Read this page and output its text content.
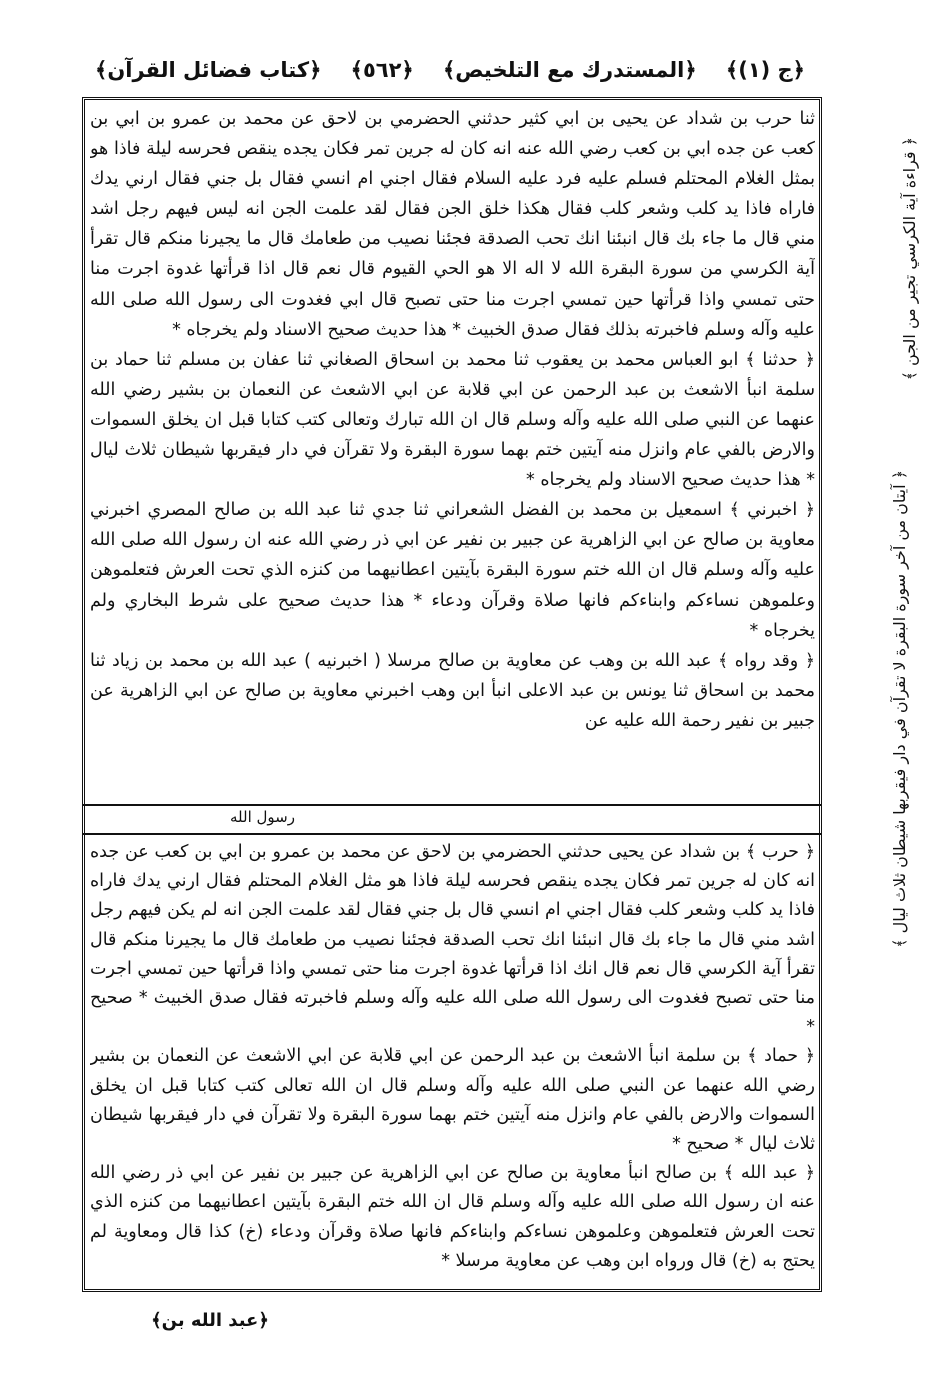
﴿ج (١)﴾
﴿المستدرك مع التلخيص﴾
﴿٥٦٢﴾
﴿كتاب فضائل القرآن﴾

ثنا حرب بن شداد عن يحيى بن ابي كثير حدثني الحضرمي بن لاحق عن محمد بن عمرو بن ابي بن كعب عن جده ابي بن كعب رضي الله عنه انه كان له جرين تمر فكان يجده ينقص فحرسه ليلة فاذا هو بمثل الغلام المحتلم فسلم عليه فرد عليه السلام فقال اجني ام انسي فقال بل جني فقال ارني يدك فاراه فاذا يد كلب وشعر كلب فقال هكذا خلق الجن فقال لقد علمت الجن انه ليس فيهم رجل اشد مني قال ما جاء بك قال انبئنا انك تحب الصدقة فجئنا نصيب من طعامك قال ما يجيرنا منكم قال تقرأ آية الكرسي من سورة البقرة الله لا اله الا هو الحي القيوم قال نعم قال اذا قرأتها غدوة اجرت منا حتى تمسي واذا قرأتها حين تمسي اجرت منا حتى تصبح قال ابي فغدوت الى رسول الله صلى الله عليه وآله وسلم فاخبرته بذلك فقال صدق الخبيث * هذا حديث صحيح الاسناد ولم يخرجاه *

﴿ حدثنا ﴾ ابو العباس محمد بن يعقوب ثنا محمد بن اسحاق الصغاني ثنا عفان بن مسلم ثنا حماد بن سلمة انبأ الاشعث بن عبد الرحمن عن ابي قلابة عن ابي الاشعث عن النعمان بن بشير رضي الله عنهما عن النبي صلى الله عليه وآله وسلم قال ان الله تبارك وتعالى كتب كتابا قبل ان يخلق السموات والارض بالفي عام وانزل منه آيتين ختم بهما سورة البقرة ولا تقرآن في دار فيقربها شيطان ثلاث ليال * هذا حديث صحيح الاسناد ولم يخرجاه *

﴿ اخبرني ﴾ اسمعيل بن محمد بن الفضل الشعراني ثنا جدي ثنا عبد الله بن صالح المصري اخبرني معاوية بن صالح عن ابي الزاهرية عن جبير بن نفير عن ابي ذر رضي الله عنه ان رسول الله صلى الله عليه وآله وسلم قال ان الله ختم سورة البقرة بآيتين اعطانيهما من كنزه الذي تحت العرش فتعلموهن وعلموهن نساءكم وابناءكم فانها صلاة وقرآن ودعاء * هذا حديث صحيح على شرط البخاري ولم يخرجاه *

﴿ وقد رواه ﴾ عبد الله بن وهب عن معاوية بن صالح مرسلا ( اخبرنيه ) عبد الله بن محمد بن زياد ثنا محمد بن اسحاق ثنا يونس بن عبد الاعلى انبأ ابن وهب اخبرني معاوية بن صالح عن ابي الزاهرية عن جبير بن نفير رحمة الله عليه عن

رسول الله

﴿ حرب ﴾ بن شداد عن يحيى حدثني الحضرمي بن لاحق عن محمد بن عمرو بن ابي بن كعب عن جده انه كان له جرين تمر فكان يجده ينقص فحرسه ليلة فاذا هو مثل الغلام المحتلم فقال ارني يدك فاراه فاذا يد كلب وشعر كلب فقال اجني ام انسي قال بل جني فقال لقد علمت الجن انه لم يكن فيهم رجل اشد مني قال ما جاء بك قال انبئنا انك تحب الصدقة فجئنا نصيب من طعامك قال ما يجيرنا منكم قال تقرأ آية الكرسي قال نعم قال انك اذا قرأتها غدوة اجرت منا حتى تمسي واذا قرأتها حين تمسي اجرت منا حتى تصبح فغدوت الى رسول الله صلى الله عليه وآله وسلم فاخبرته فقال صدق الخبيث * صحيح *

﴿ حماد ﴾ بن سلمة انبأ الاشعث بن عبد الرحمن عن ابي قلابة عن ابي الاشعث عن النعمان بن بشير رضي الله عنهما عن النبي صلى الله عليه وآله وسلم قال ان الله تعالى كتب كتابا قبل ان يخلق السموات والارض بالفي عام وانزل منه آيتين ختم بهما سورة البقرة ولا تقرآن في دار فيقربها شيطان ثلاث ليال * صحيح *

﴿ عبد الله ﴾ بن صالح انبأ معاوية بن صالح عن ابي الزاهرية عن جبير بن نفير عن ابي ذر رضي الله عنه ان رسول الله صلى الله عليه وآله وسلم قال ان الله ختم البقرة بآيتين اعطانيهما من كنزه الذي تحت العرش فتعلموهن وعلموهن نساءكم وابناءكم فانها صلاة وقرآن ودعاء (خ) كذا قال ومعاوية لم يحتج به (خ) قال ورواه ابن وهب عن معاوية مرسلا *

﴿ قراءة آية الكرسي تجير من الجن ﴾
﴿ آيتان من آخر سورة البقرة لا تقرآن في دار فيقربها شيطان ثلاث ليال ﴾
﴿عبد الله بن﴾
